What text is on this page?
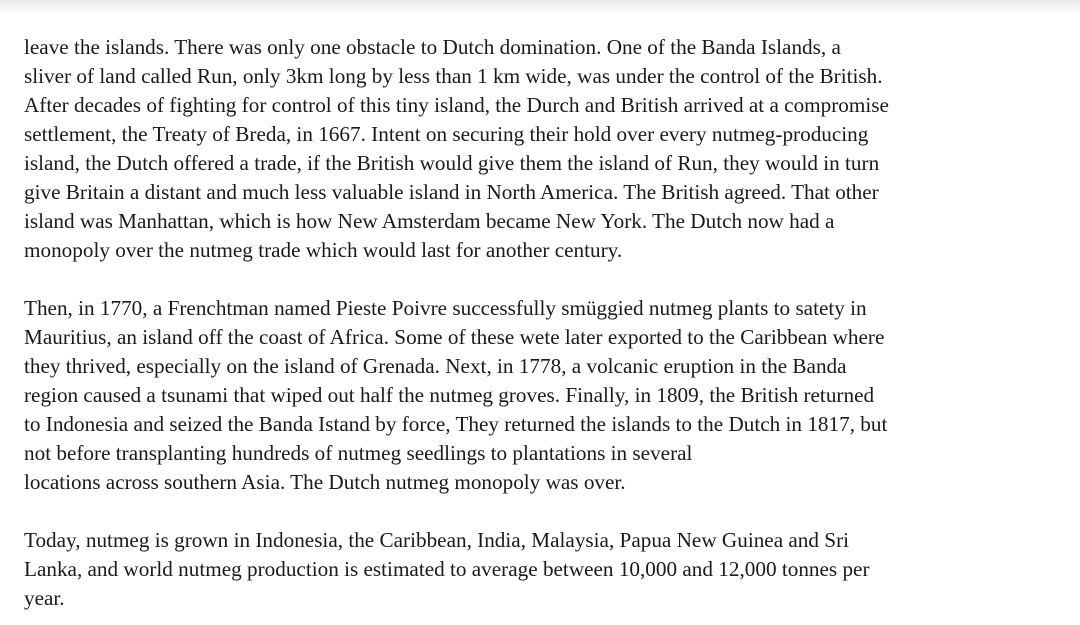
leave the islands. There was only one obstacle to Dutch domination. One of the Banda Islands, a
sliver of land called Run, only 3km long by less than 1 km wide, was under the control of the British.
After decades of fighting for control of this tiny island, the Durch and British arrived at a compromise
settlement, the Treaty of Breda, in 1667. Intent on securing their hold over every nutmeg-producing
island, the Dutch offered a trade, if the British would give them the island of Run, they would in turn
give Britain a distant and much less valuable island in North America. The British agreed. That other
island was Manhattan, which is how New Amsterdam became New York. The Dutch now had a
monopoly over the nutmeg trade which would last for another century.

Then, in 1770, a Frenchtman named Pieste Poivre successfully smüggied nutmeg plants to satety in
Mauritius, an island off the coast of Africa. Some of these wete later exported to the Caribbean where
they thrived, especially on the island of Grenada. Next, in 1778, a volcanic eruption in the Banda
region caused a tsunami that wiped out half the nutmeg groves. Finally, in 1809, the British returned
to Indonesia and seized the Banda Istand by force, They returned the islands to the Dutch in 1817, but
not before transplanting hundreds of nutmeg seedlings to plantations in several
locations across southern Asia. The Dutch nutmeg monopoly was over.

Today, nutmeg is grown in Indonesia, the Caribbean, India, Malaysia, Papua New Guinea and Sri
Lanka, and world nutmeg production is estimated to average between 10,000 and 12,000 tonnes per
year.
